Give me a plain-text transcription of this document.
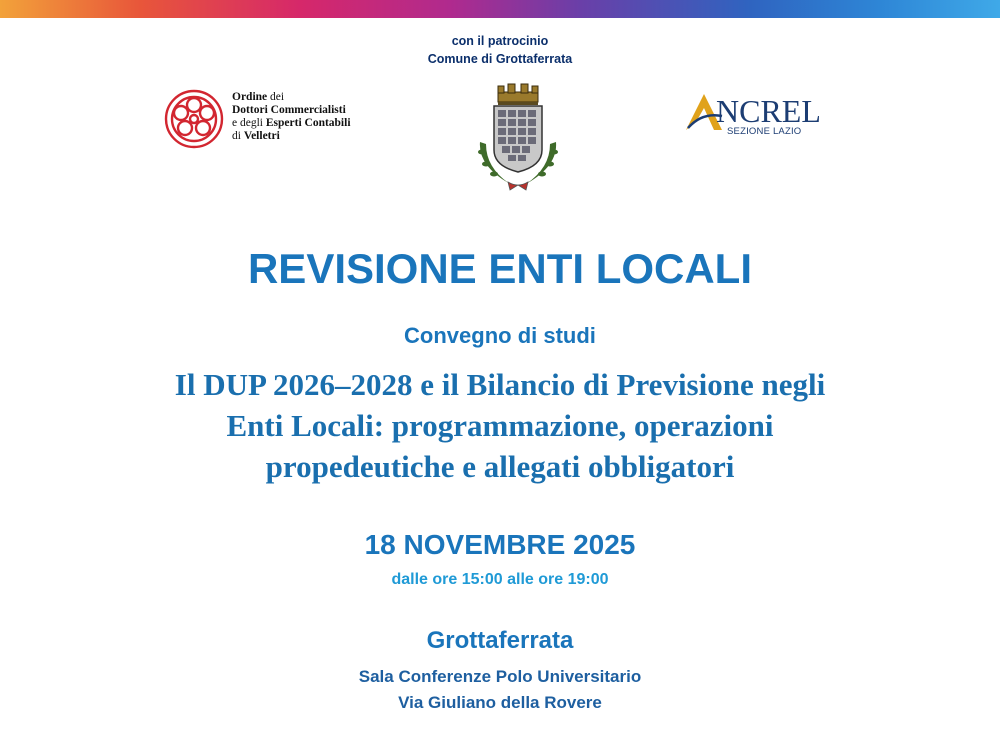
con il patrocinio
Comune di Grottaferrata
Ordine dei
Dottori Commercialisti
e degli Esperti Contabili
di Velletri
NCREL
SEZIONE LAZIO
REVISIONE ENTI LOCALI
Convegno di studi
Il DUP 2026–2028 e il Bilancio di Previsione negli
Enti Locali: programmazione, operazioni
propedeutiche e allegati obbligatori
18 NOVEMBRE 2025
dalle ore 15:00 alle ore 19:00
Grottaferrata
Sala Conferenze Polo Universitario
Via Giuliano della Rovere
